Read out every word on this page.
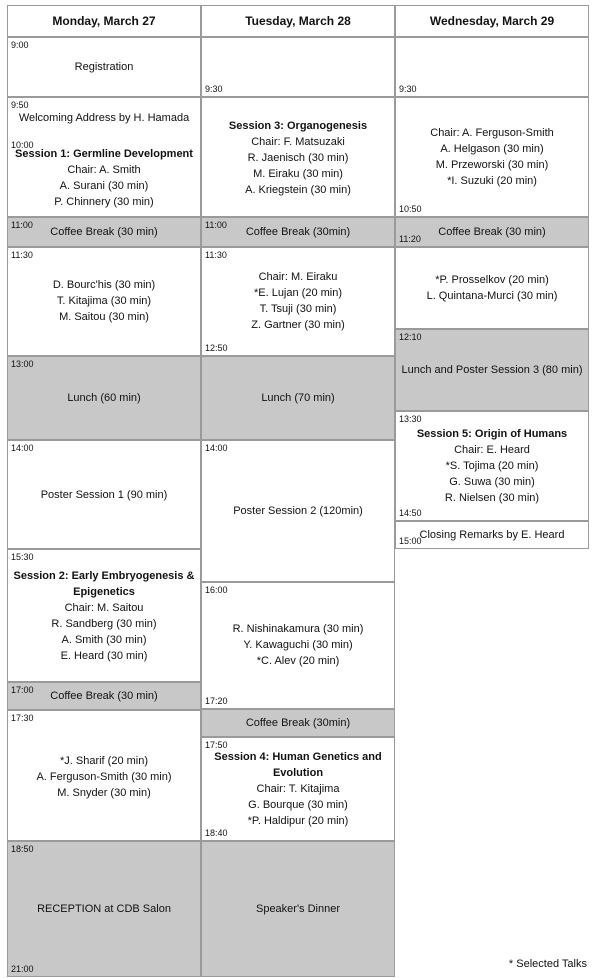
Monday, March 27
9:00
Registration
9:50
Welcoming Address by H. Hamada
10:00
Session 1: Germline Development
Chair: A. Smith
A. Surani (30 min)
P. Chinnery (30 min)
11:00
Coffee Break (30 min)
11:30
D. Bourc'his (30 min)
T. Kitajima (30 min)
M. Saitou (30 min)
13:00
Lunch (60 min)
14:00
Poster Session 1 (90 min)
15:30
Session 2: Early Embryogenesis &
Epigenetics
Chair: M. Saitou
R. Sandberg (30 min)
A. Smith (30 min)
E. Heard (30 min)
17:00	Coffee Break (30 min)
17:30
*J. Sharif (20 min)
A. Ferguson-Smith (30 min)
M. Snyder (30 min)
18:50
RECEPTION at CDB Salon
21:00
Tuesday, March 28
9:30
Session 3: Organogenesis
Chair: F. Matsuzaki
R. Jaenisch (30 min)
M. Eiraku (30 min)
A. Kriegstein (30 min)
11:00
Coffee Break (30min)
11:30
Chair: M. Eiraku
*E. Lujan (20 min)
T. Tsuji (30 min)
Z. Gartner (30 min)
12:50
Lunch (70 min)
14:00
Poster Session 2 (120min)
16:00
R. Nishinakamura (30 min)
Y. Kawaguchi (30 min)
*C. Alev (20 min)
17:20
Coffee Break (30min)
17:50
Session 4: Human Genetics and
Evolution
Chair: T. Kitajima
G. Bourque (30 min)
*P. Haldipur (20 min)
18:40
Speaker's Dinner
Wednesday, March 29
9:30
Chair: A. Ferguson-Smith
A. Helgason (30 min)
M. Przeworski (30 min)
*I. Suzuki (20 min)
10:50
Coffee Break (30 min)
11:20
*P. Prosselkov (20 min)
L. Quintana-Murci (30 min)
12:10
Lunch and Poster Session 3 (80 min)
13:30
Session 5: Origin of Humans
Chair: E. Heard
*S. Tojima (20 min)
G. Suwa (30 min)
R. Nielsen (30 min)
14:50
15:00
Closing Remarks by E. Heard
* Selected Talks
